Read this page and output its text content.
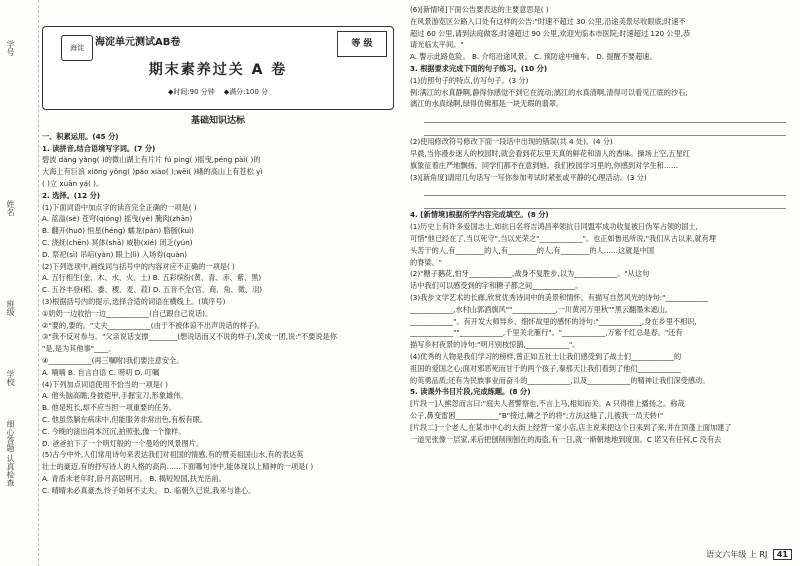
学号
姓名
班级
学校
细心答题 认真检查
海淀	海淀单元测试AB卷	等 级
期末素养过关 A 卷
◆时间:90 分钟 ◆满分:100 分
基础知识达标

一、积累运用。(45 分)

1. 读拼音,结合语境写字词。(7 分)

碧波 dàng yàng( )的微山湖上有片片 fú píng( )摇曳,péng pài( )的

大海上有巨浪 xiōng yǒng( )páo xiào( );wēi( )峨的高山上有苍松 yì

( )立 xuān yá( )。

2. 选择。(12 分)

(1)下面词语中加点字的读音完全正确的一项是( )

A. 蓝溢(sè) 苍穹(qióng) 摇曳(yè) 腌肉(zhān)

B. 翻开(huō) 恒星(héng) 蠕龙(pán) 胳肠(kuì)

C. 浇抚(chēn) 冥体(shā) 威胁(xié) 闭乏(yún)

D. 祭祀(sì) 吊唁(yàn) 眼上(lì) 入场券(quàn)

(2)下列选项中,画线词与括号中的内容对应不正确的一项是( )

A. 五行相生(金、木、水、火、土) B. 五彩缤纷(黄、青、赤、紫、黑)

C. 五谷丰登(稻、黍、稷、麦、菽) D. 五音不全(宫、商、角、徵、羽)

(3)根据括号内的提示,选择合适的词语在横线上。(填序号)

①奶奶一边收拾一边____________(自己跟自己说话)。

②"要的,要的。"丈夫____________(由于不被体谅不出声说话的样子)。

③"我不反对参与。"父亲说话支撑________(想说话而又不说的样子),笑成一团,说:"不要说是你

"是,是为其他事"____。

④____________(再三嘱咐)我们要注意安全。

A. 喃喃 B. 自言自语 C. 唠叨 D. 叮嘱

(4)下列加点词语使用不恰当的一项是( )

A. 他头脑高瞻,身披铠甲,手握宝刀,形象雄伟。

B. 他是班长,却不应当担一项重要的任务。

C. 他虽然躺在病床中,但能服务非常出色,有板有眼。

C. 今晚的演出尚本沉沉,拍照张,像一个像样。

D. 爸爸拍下了一个明灯般的一个曼哈的风景图片。

(5)古今中外,人们常用诗句来表达我们对祖国的情感,有的赞美祖国山水,有的表达英

壮士的豪迈,有的抒写诗人的人格的高尚……下面哪句诗中,能体现以上精神的一项是( )

A. 青盾未老年时,卧月高居明月。 B. 揭短短国,扶光岳前。

C. 晴晴未必真豪杰,怜子如何不丈夫。 D. 临朝久已说,我来与谁心。

(6)[新情境]下面公告要表达的主要意思是( )

在风景游览区公路入口处有这样的公告:"时速不超过 30 公里,沿途美景尽收眼底;时速不

超过 60 公里,请到法庭做客;时速超过 90 公里,欢迎光临本市医院;时速超过 120 公里,恭

请光临太平间。"

A. 警示此路危险。 B. 介绍沿途风景。 C. 预防途中撞车。 D. 提醒不要超速。

3. 根据要求完成下面的句子练习。(10 分)

(1)仿照句子的特点,仿写句子。(3 分)

例:满江的水真静啊,静得你感觉不到它在流动;漓江的水真清啊,清得可以看见江底的沙石;

漓江的水真绿啊,绿得仿佛那是一块无瑕的翡翠。

(2)使用修改符号修改下面一段话中出现的错误(共 4 处)。(4 分)

早晨,当你漫步迷人的校园时,就会看到花坛里天真的鲜花和清人的香味。操场上空,五星红

旗象征着庄严地飘扬。同学们都不在意到她。我们校园学习里的,你感到对学生和……

(3)[新角度]请用几句话写一写你参加考试时紧张或平静的心理活动。(3 分)

4. [新情境]根据所学内容完成填空。(8 分)

(1)历史上有许多爱国志士,如抗日名将吉鸿昌率领抗日同盟军成功收复被日伪军占领的国土,

可惜"他已经在了,当以死守",当以光荣之"____________"。也正如鲁迅所说,"我们从古以来,就有埋

头苦干的人,有________的人,有________的人,有________的人……这就是中国

的脊梁。"

(2)"糖子鹅花,怕牙____________,战身不复胜步,以为____________。"从这句

话中我们可以感受到的字和糖子都之间____________。

(3)我步文学艺术的长廊,欣赏优秀诗词中的美景和情怀。有描写自然风光的诗句:"____________

____________,水村山郭酒旗风""____________,一川黄河万里秋""黑云翻墨未遮山,

____________"。有开发大师异乡、细怀故里的感怀的诗句:"____________,身在乡里不相识,

____________""____________,千里关北雁行"。"____________,万紫千红总是春。"还有

描写乡村夜景的诗句:"明月别枝惊鹊,____________"。

(4)优秀的人物是我们学习的榜样,曾正如五社士让我们感受到了战士们____________的

祖国的爱国之心;面对邪恶死而甘于的两个孩子,秦那天让我们看到了他们____________

的英勇品质;还有为民族事业而奋斗的____________,以及____________的精神让我们深受感动。

5. 读课外书目片段,完成练题。(8 分)

[片段一]人熊忽而言曰:"庭夫人者警察也,不言上马,相知而关。A 只得推上播扬之。称哉

公子,鼻变雷困____________"B"接过,鳞之予的将";方法这缝了,儿被我一员天转!"

[片段二]一个老人,在某市中心的大街上经营一家小店,店主说来把这个日来到了来,并在顶蓬上面加建了

一道见张像一层家,来后把刨削削刨在的海盗,有一日,就一渐朝地地到度面。C 诺又有任何,C 没有去

语文六年级 上 RJ 41
